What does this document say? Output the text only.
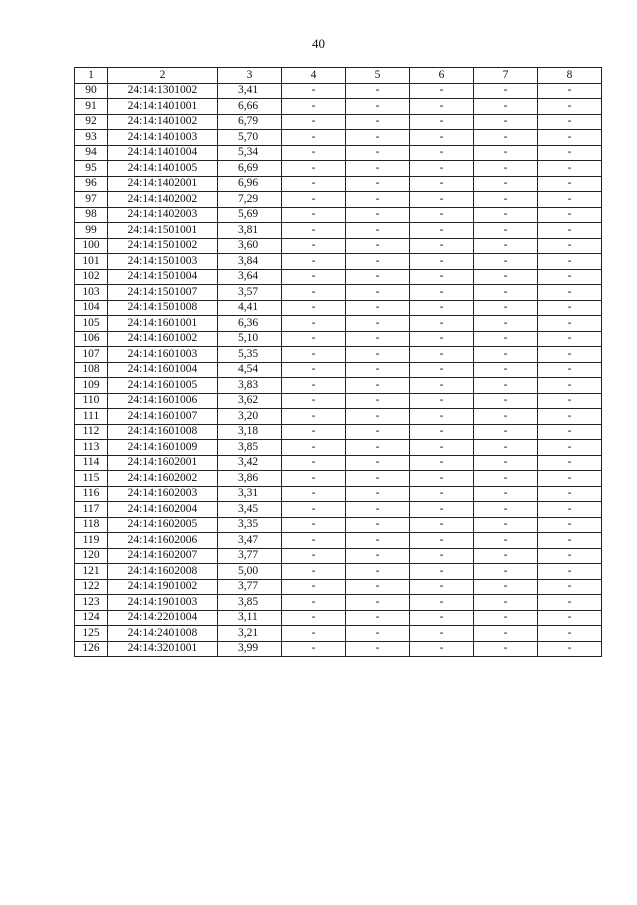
40
1	2	3	4	5	6	7	8
90	24:14:1301002	3,41	-	-	-	-	-
91	24:14:1401001	6,66	-	-	-	-	-
92	24:14:1401002	6,79	-	-	-	-	-
93	24:14:1401003	5,70	-	-	-	-	-
94	24:14:1401004	5,34	-	-	-	-	-
95	24:14:1401005	6,69	-	-	-	-	-
96	24:14:1402001	6,96	-	-	-	-	-
97	24:14:1402002	7,29	-	-	-	-	-
98	24:14:1402003	5,69	-	-	-	-	-
99	24:14:1501001	3,81	-	-	-	-	-
100	24:14:1501002	3,60	-	-	-	-	-
101	24:14:1501003	3,84	-	-	-	-	-
102	24:14:1501004	3,64	-	-	-	-	-
103	24:14:1501007	3,57	-	-	-	-	-
104	24:14:1501008	4,41	-	-	-	-	-
105	24:14:1601001	6,36	-	-	-	-	-
106	24:14:1601002	5,10	-	-	-	-	-
107	24:14:1601003	5,35	-	-	-	-	-
108	24:14:1601004	4,54	-	-	-	-	-
109	24:14:1601005	3,83	-	-	-	-	-
110	24:14:1601006	3,62	-	-	-	-	-
111	24:14:1601007	3,20	-	-	-	-	-
112	24:14:1601008	3,18	-	-	-	-	-
113	24:14:1601009	3,85	-	-	-	-	-
114	24:14:1602001	3,42	-	-	-	-	-
115	24:14:1602002	3,86	-	-	-	-	-
116	24:14:1602003	3,31	-	-	-	-	-
117	24:14:1602004	3,45	-	-	-	-	-
118	24:14:1602005	3,35	-	-	-	-	-
119	24:14:1602006	3,47	-	-	-	-	-
120	24:14:1602007	3,77	-	-	-	-	-
121	24:14:1602008	5,00	-	-	-	-	-
122	24:14:1901002	3,77	-	-	-	-	-
123	24:14:1901003	3,85	-	-	-	-	-
124	24:14:2201004	3,11	-	-	-	-	-
125	24:14:2401008	3,21	-	-	-	-	-
126	24:14:3201001	3,99	-	-	-	-	-
